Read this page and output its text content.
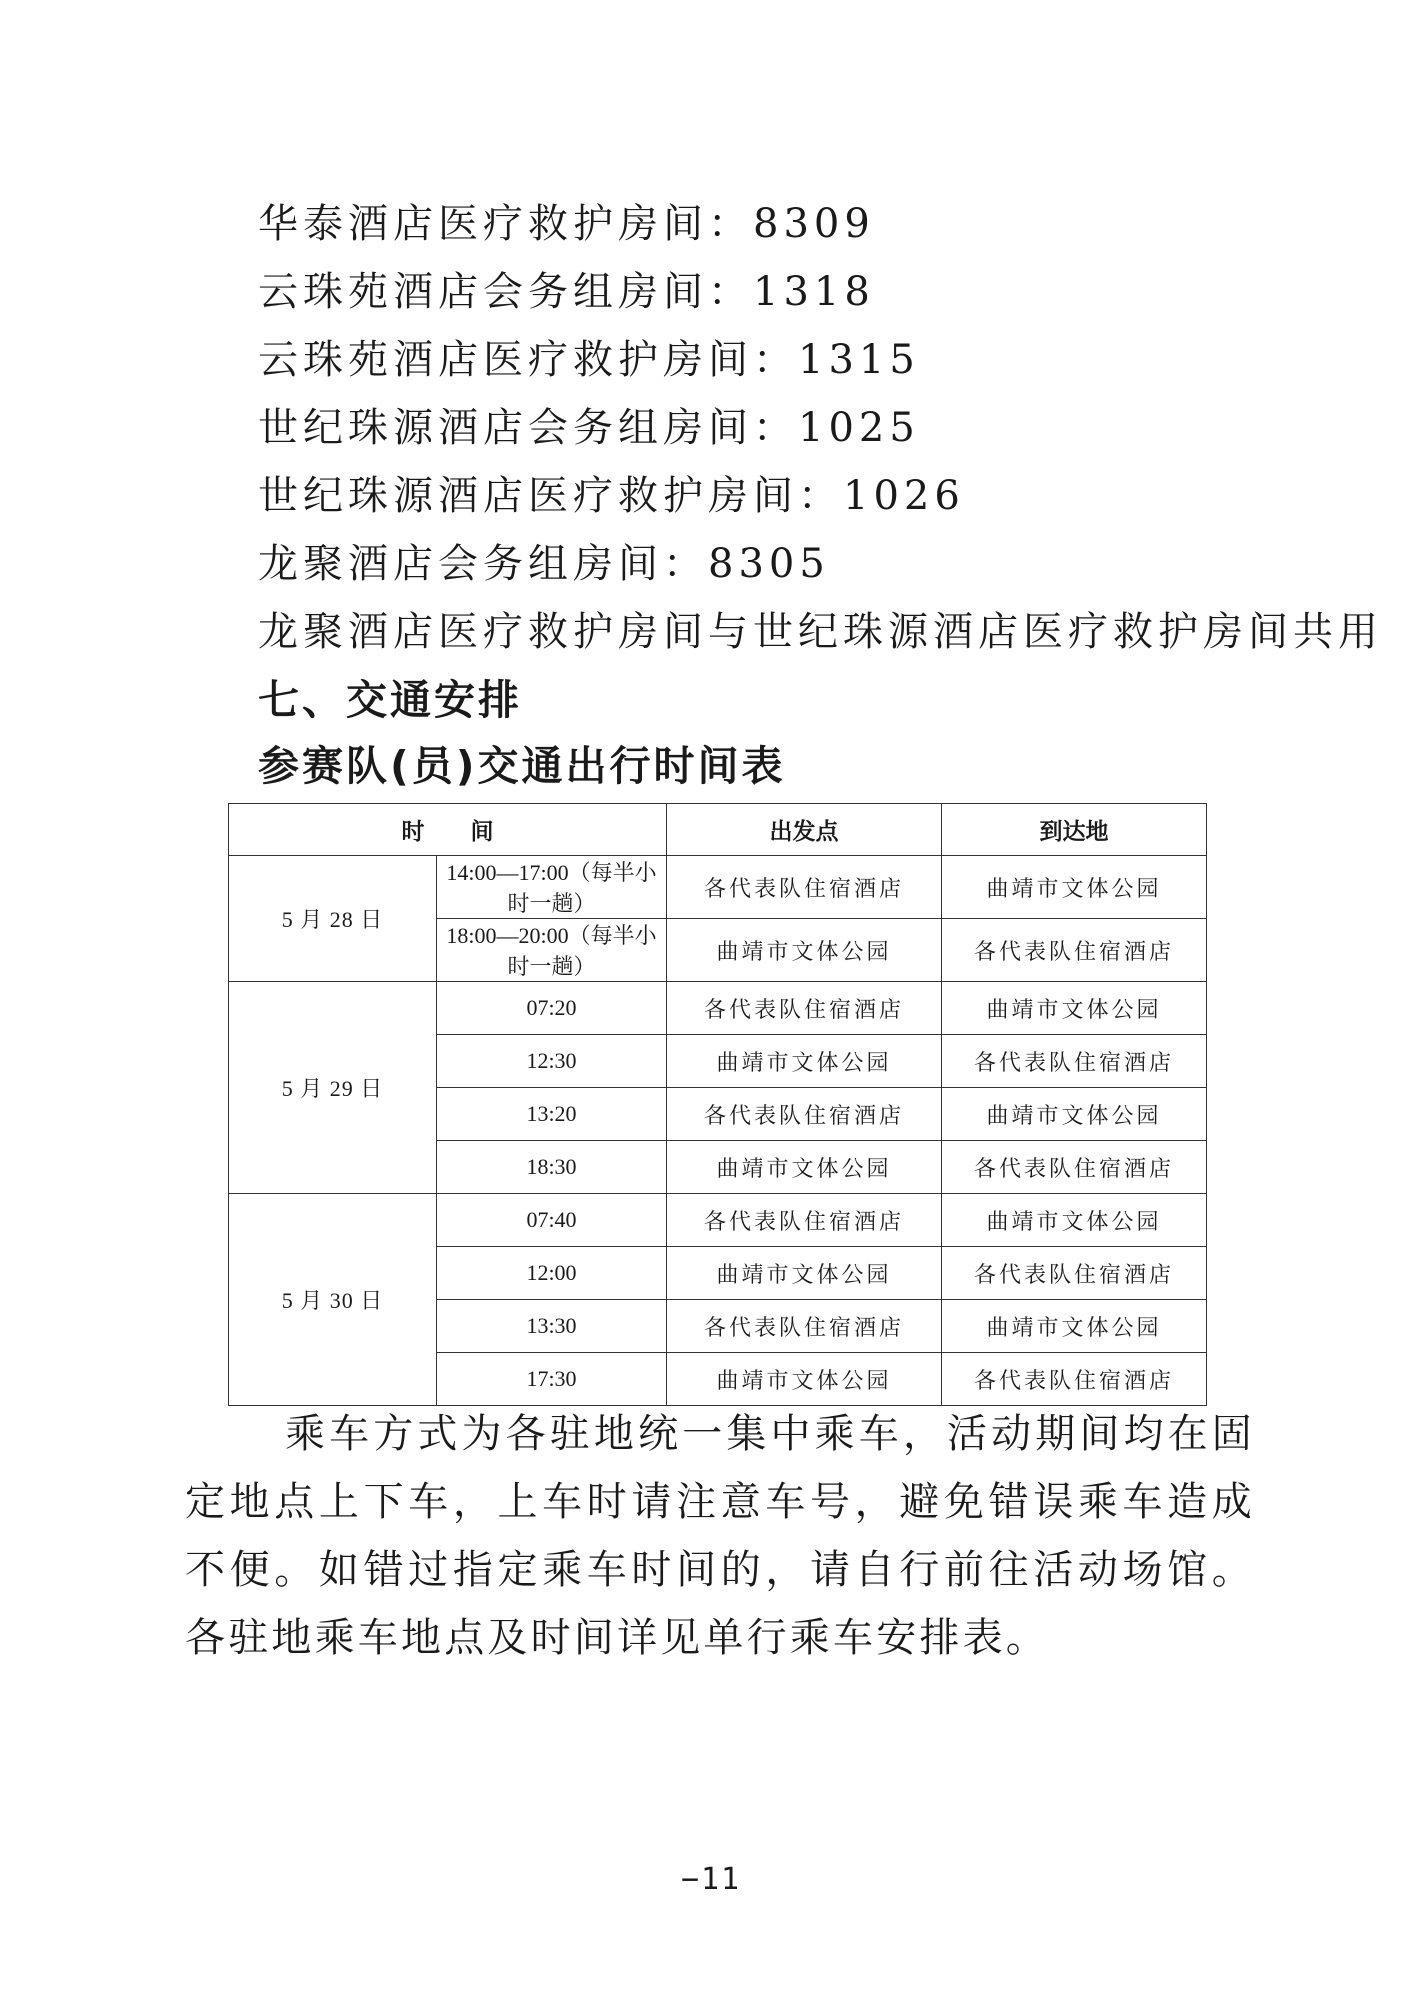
华泰酒店医疗救护房间：8309
云珠苑酒店会务组房间：1318
云珠苑酒店医疗救护房间：1315
世纪珠源酒店会务组房间：1025
世纪珠源酒店医疗救护房间：1026
龙聚酒店会务组房间：8305
龙聚酒店医疗救护房间与世纪珠源酒店医疗救护房间共用
七、交通安排
参赛队(员)交通出行时间表
时　　间		出发点	到达地
5 月 28 日	14:00—17:00（每半小时一趟）	各代表队住宿酒店	曲靖市文体公园
	18:00—20:00（每半小时一趟）	曲靖市文体公园	各代表队住宿酒店
5 月 29 日	07:20	各代表队住宿酒店	曲靖市文体公园
	12:30	曲靖市文体公园	各代表队住宿酒店
	13:20	各代表队住宿酒店	曲靖市文体公园
	18:30	曲靖市文体公园	各代表队住宿酒店
5 月 30 日	07:40	各代表队住宿酒店	曲靖市文体公园
	12:00	曲靖市文体公园	各代表队住宿酒店
	13:30	各代表队住宿酒店	曲靖市文体公园
	17:30	曲靖市文体公园	各代表队住宿酒店
乘车方式为各驻地统一集中乘车，活动期间均在固定地点上下车，上车时请注意车号，避免错误乘车造成不便。如错过指定乘车时间的，请自行前往活动场馆。各驻地乘车地点及时间详见单行乘车安排表。
−11
